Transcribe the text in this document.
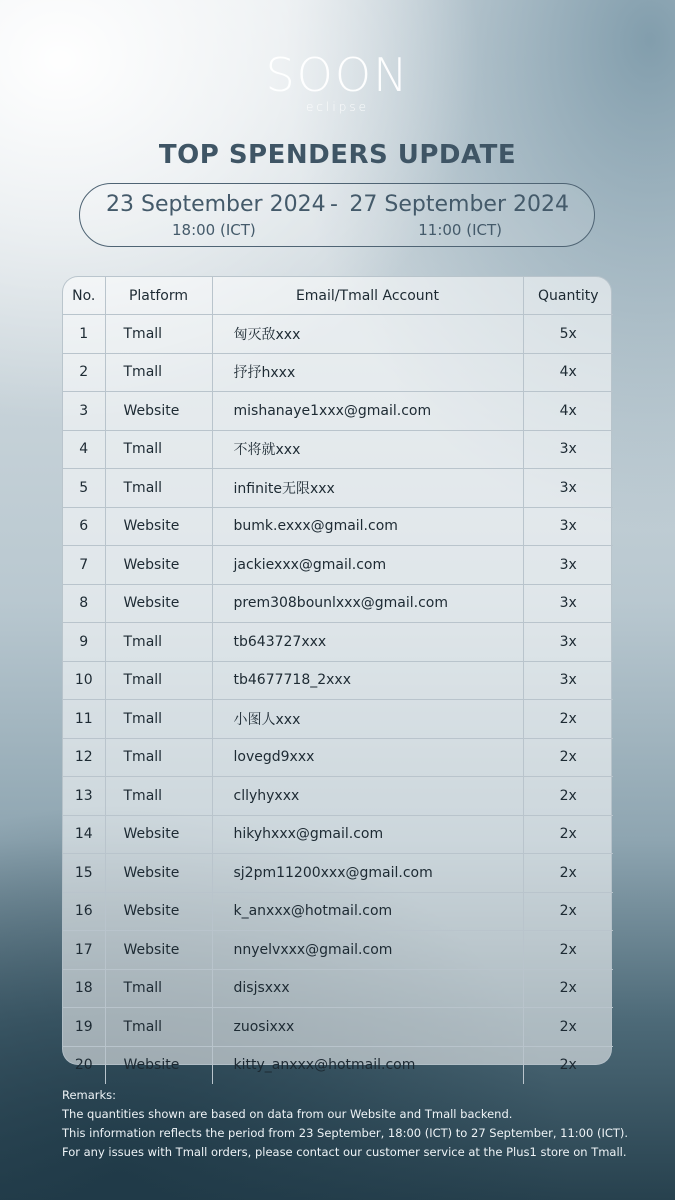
SOON
eclipse
TOP SPENDERS UPDATE
23 September 2024 - 27 September 2024
18:00 (ICT)	11:00 (ICT)
No.	Platform	Email/Tmall Account	Quantity
1	Tmall	匈灭敌xxx	5x
2	Tmall	抒抒hxxx	4x
3	Website	mishanaye1xxx@gmail.com	4x
4	Tmall	不将就xxx	3x
5	Tmall	infinite无限xxx	3x
6	Website	bumk.exxx@gmail.com	3x
7	Website	jackiexxx@gmail.com	3x
8	Website	prem308bounlxxx@gmail.com	3x
9	Tmall	tb643727xxx	3x
10	Tmall	tb4677718_2xxx	3x
11	Tmall	小图人xxx	2x
12	Tmall	lovegd9xxx	2x
13	Tmall	cllyhyxxx	2x
14	Website	hikyhxxx@gmail.com	2x
15	Website	sj2pm11200xxx@gmail.com	2x
16	Website	k_anxxx@hotmail.com	2x
17	Website	nnyelvxxx@gmail.com	2x
18	Tmall	disjsxxx	2x
19	Tmall	zuosixxx	2x
20	Website	kitty_anxxx@hotmail.com	2x

Remarks:

The quantities shown are based on data from our Website and Tmall backend.

This information reflects the period from 23 September, 18:00 (ICT) to 27 September, 11:00 (ICT).

For any issues with Tmall orders, please contact our customer service at the Plus1 store on Tmall.
